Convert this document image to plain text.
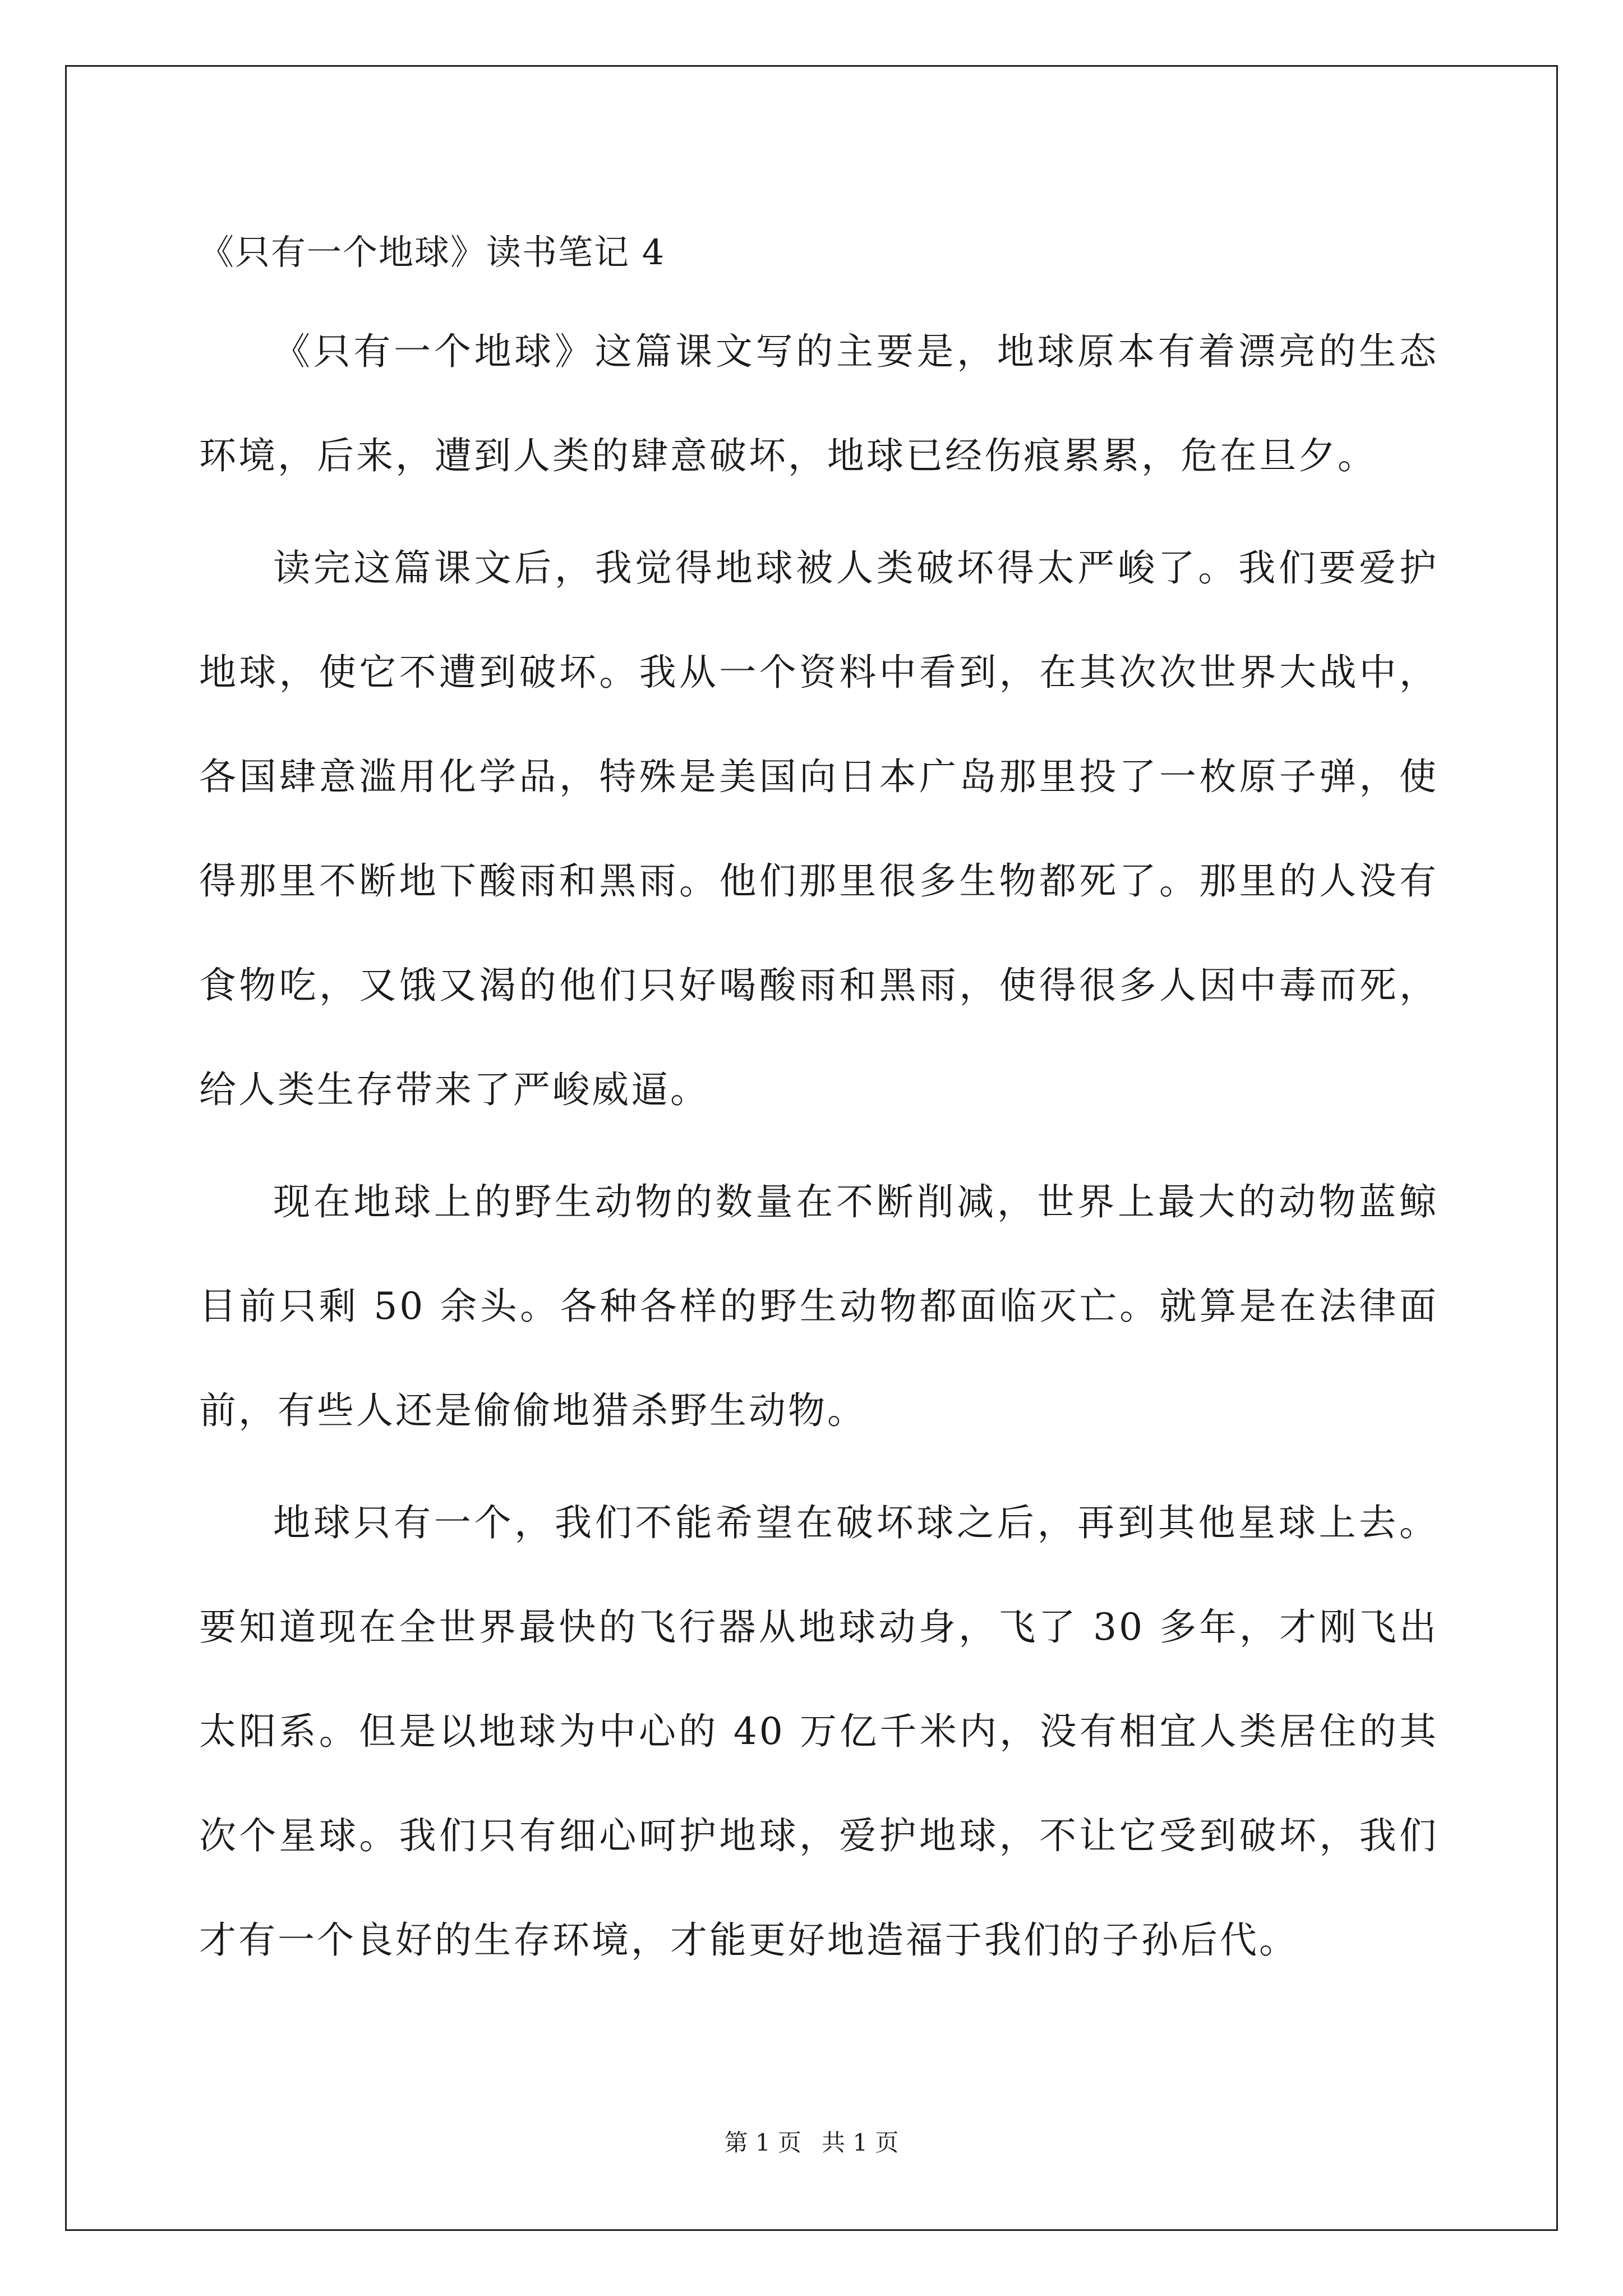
《只有一个地球》读书笔记 4

《只有一个地球》这篇课文写的主要是，地球原本有着漂亮的生态环境，后来，遭到人类的肆意破坏，地球已经伤痕累累，危在旦夕。

读完这篇课文后，我觉得地球被人类破坏得太严峻了。我们要爱护地球，使它不遭到破坏。我从一个资料中看到，在其次次世界大战中，各国肆意滥用化学品，特殊是美国向日本广岛那里投了一枚原子弹，使得那里不断地下酸雨和黑雨。他们那里很多生物都死了。那里的人没有食物吃，又饿又渴的他们只好喝酸雨和黑雨，使得很多人因中毒而死，给人类生存带来了严峻威逼。

现在地球上的野生动物的数量在不断削减，世界上最大的动物蓝鲸目前只剩 50 余头。各种各样的野生动物都面临灭亡。就算是在法律面前，有些人还是偷偷地猎杀野生动物。

地球只有一个，我们不能希望在破坏球之后，再到其他星球上去。要知道现在全世界最快的飞行器从地球动身，飞了 30 多年，才刚飞出太阳系。但是以地球为中心的 40 万亿千米内，没有相宜人类居住的其次个星球。我们只有细心呵护地球，爱护地球，不让它受到破坏，我们才有一个良好的生存环境，才能更好地造福于我们的子孙后代。

第 1 页 共 1 页
